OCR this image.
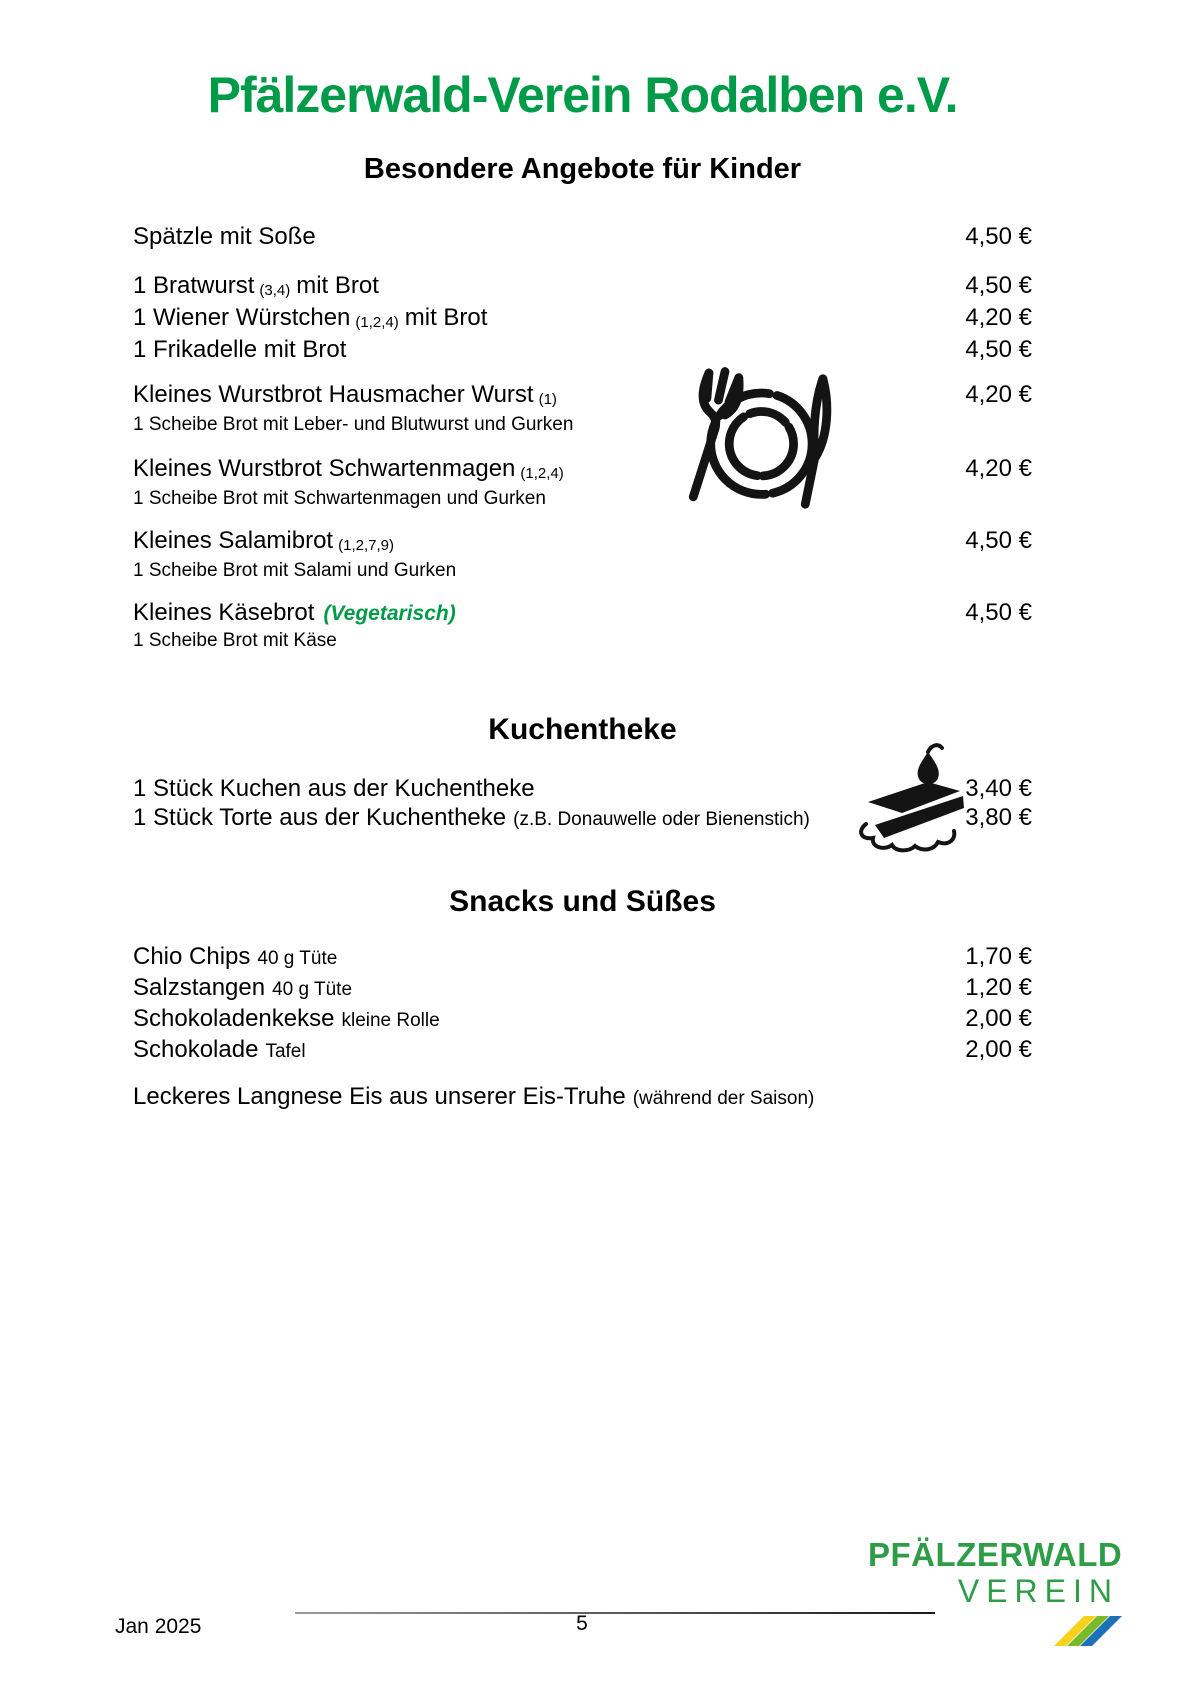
Pfälzerwald-Verein Rodalben e.V.
Besondere Angebote für Kinder
Spätzle mit Soße	4,50 €
1 Bratwurst (3,4) mit Brot	4,50 €
1 Wiener Würstchen (1,2,4) mit Brot	4,20 €
1 Frikadelle mit Brot	4,50 €
Kleines Wurstbrot Hausmacher Wurst (1)	4,20 €
1 Scheibe Brot mit Leber- und Blutwurst und Gurken
Kleines Wurstbrot Schwartenmagen (1,2,4)	4,20 €
1 Scheibe Brot mit Schwartenmagen und Gurken
Kleines Salamibrot (1,2,7,9)	4,50 €
1 Scheibe Brot mit Salami und Gurken
Kleines Käsebrot (Vegetarisch)	4,50 €
1 Scheibe Brot mit Käse
Kuchentheke
1 Stück Kuchen aus der Kuchentheke	3,40 €
1 Stück Torte aus der Kuchentheke (z.B. Donauwelle oder Bienenstich)	3,80 €
Snacks und Süßes
Chio Chips 40 g Tüte	1,70 €
Salzstangen 40 g Tüte	1,20 €
Schokoladenkekse kleine Rolle	2,00 €
Schokolade Tafel	2,00 €
Leckeres Langnese Eis aus unserer Eis-Truhe (während der Saison)
Jan 2025	5
PFÄLZERWALD
VEREIN
